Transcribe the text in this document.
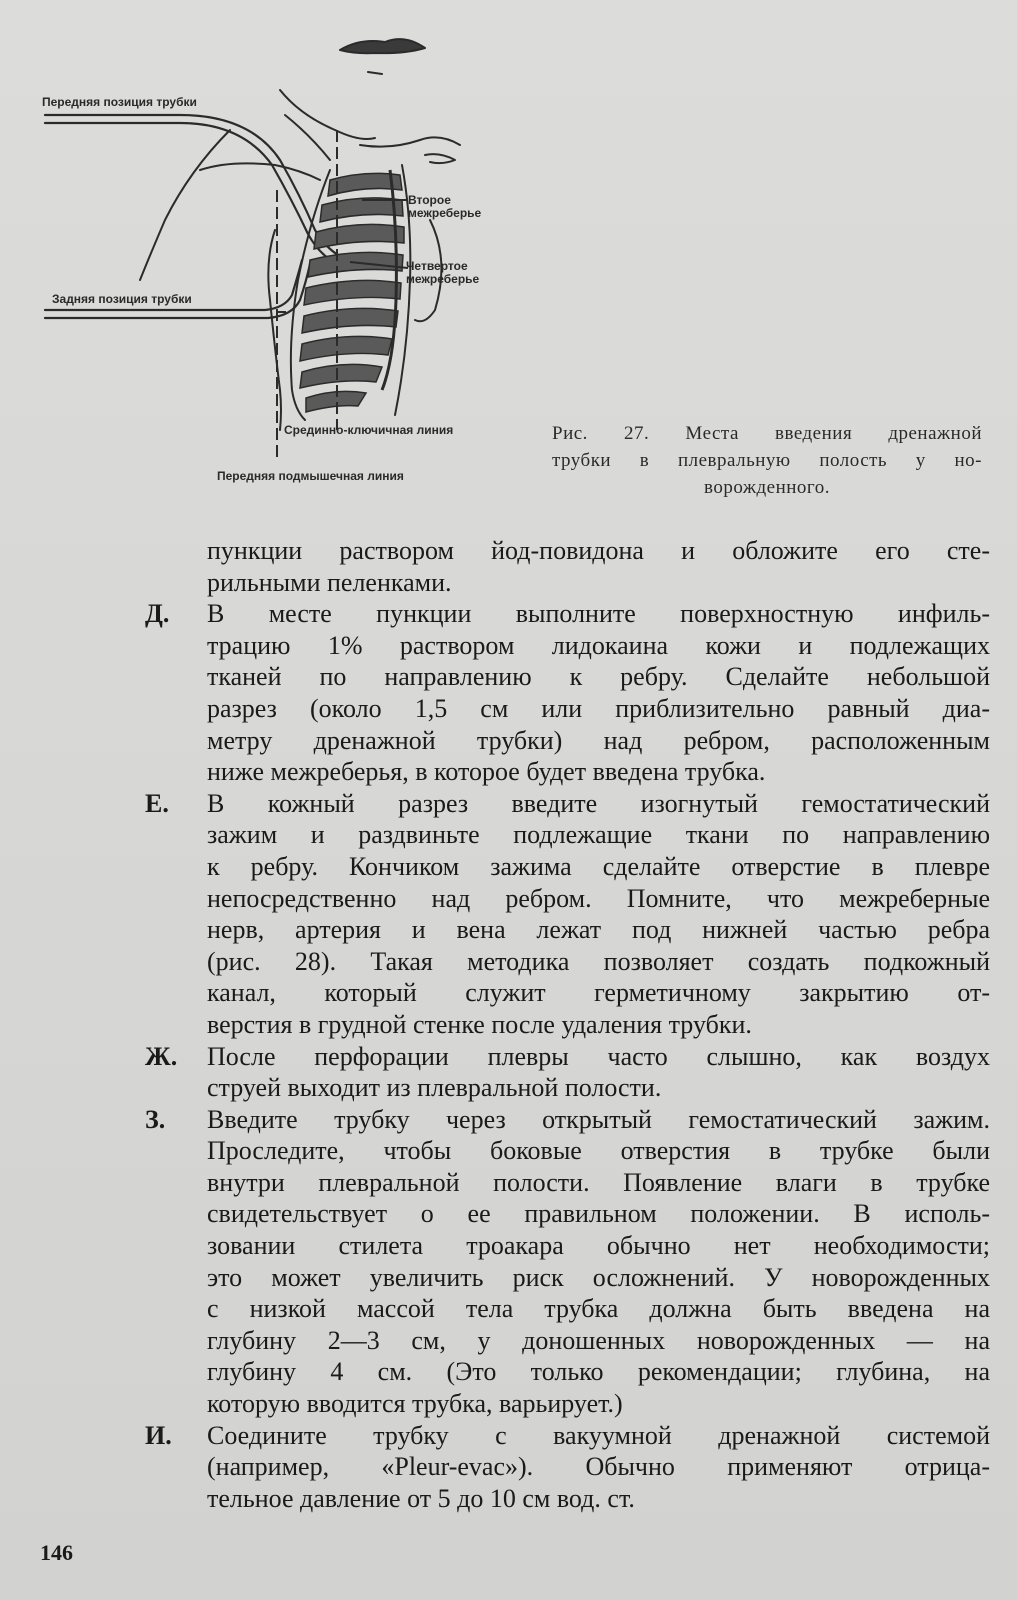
Передняя позиция трубки
Второе
межреберье
Четвертое
межреберье
Задняя позиция трубки
Срединно-ключичная линия
Передняя подмышечная линия
Рис. 27. Места введения дренажной
трубки в плевральную полость у но-
ворожденного.
пункции раствором йод-повидона и обложите его сте-
рильными пеленками.
Д.	В месте пункции выполните поверхностную инфиль-
трацию 1% раствором лидокаина кожи и подлежащих
тканей по направлению к ребру. Сделайте небольшой
разрез (около 1,5 см или приблизительно равный диа-
метру дренажной трубки) над ребром, расположенным
ниже межреберья, в которое будет введена трубка.
Е.	В кожный разрез введите изогнутый гемостатический
зажим и раздвиньте подлежащие ткани по направлению
к ребру. Кончиком зажима сделайте отверстие в плевре
непосредственно над ребром. Помните, что межреберные
нерв, артерия и вена лежат под нижней частью ребра
(рис. 28). Такая методика позволяет создать подкожный
канал, который служит герметичному закрытию от-
верстия в грудной стенке после удаления трубки.
Ж.	После перфорации плевры часто слышно, как воздух
струей выходит из плевральной полости.
З.	Введите трубку через открытый гемостатический зажим.
Проследите, чтобы боковые отверстия в трубке были
внутри плевральной полости. Появление влаги в трубке
свидетельствует о ее правильном положении. В исполь-
зовании стилета троакара обычно нет необходимости;
это может увеличить риск осложнений. У новорожденных
с низкой массой тела трубка должна быть введена на
глубину 2—3 см, у доношенных новорожденных — на
глубину 4 см. (Это только рекомендации; глубина, на
которую вводится трубка, варьирует.)
И.	Соедините трубку с вакуумной дренажной системой
(например, «Pleur-evac»). Обычно применяют отрица-
тельное давление от 5 до 10 см вод. ст.
146
